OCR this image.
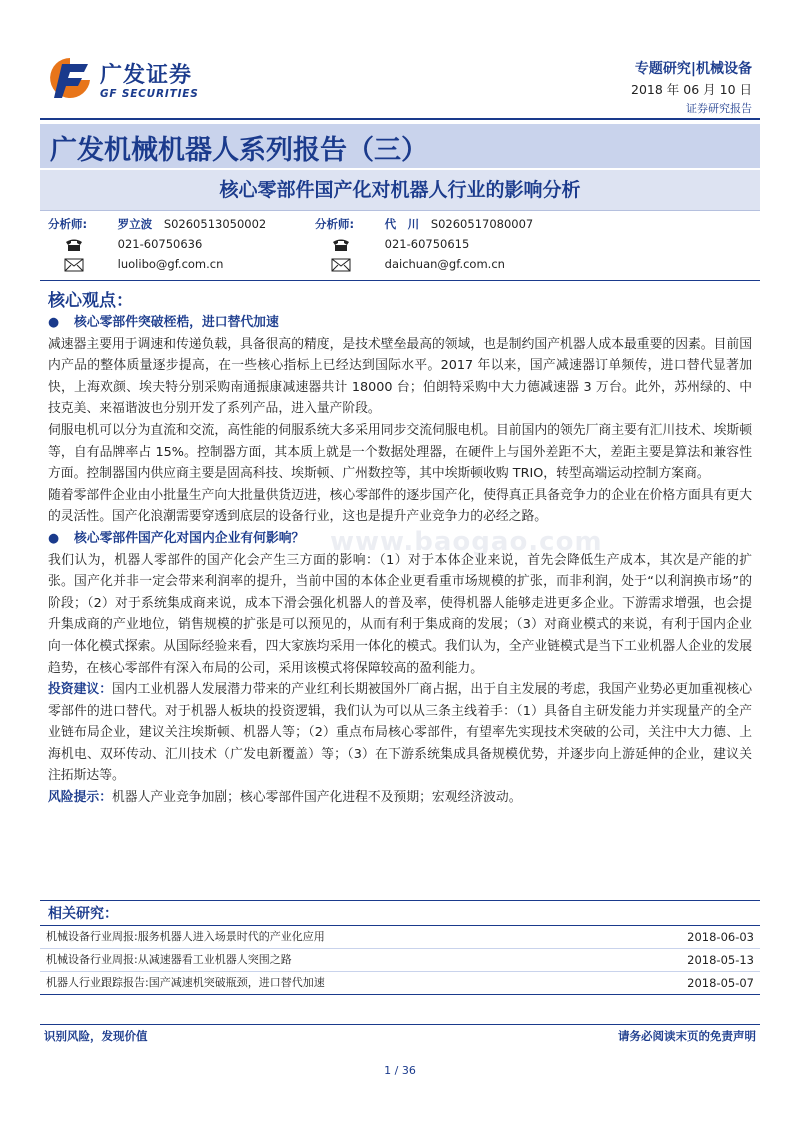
广发证券
GF SECURITIES
专题研究|机械设备
2018 年 06 月 10 日
证券研究报告
广发机械机器人系列报告（三）
核心零部件国产化对机器人行业的影响分析
分析师:	罗立波 S0260513050002
021-60750636
luolibo@gf.com.cn
分析师:	代　川 S0260517080007
021-60750615
daichuan@gf.com.cn
核心观点：
● 核心零部件突破桎梏，进口替代加速
减速器主要用于调速和传递负载，具备很高的精度，是技术壁垒最高的领域，也是制约国产机器人成本最重要的因素。目前国内产品的整体质量逐步提高，在一些核心指标上已经达到国际水平。2017 年以来，国产减速器订单频传，进口替代显著加快，上海欢颜、埃夫特分别采购南通振康减速器共计 18000 台；伯朗特采购中大力德减速器 3 万台。此外，苏州绿的、中技克美、来福谐波也分别开发了系列产品，进入量产阶段。
伺服电机可以分为直流和交流，高性能的伺服系统大多采用同步交流伺服电机。目前国内的领先厂商主要有汇川技术、埃斯顿等，自有品牌率占 15%。控制器方面，其本质上就是一个数据处理器，在硬件上与国外差距不大，差距主要是算法和兼容性方面。控制器国内供应商主要是固高科技、埃斯顿、广州数控等，其中埃斯顿收购 TRIO，转型高端运动控制方案商。
随着零部件企业由小批量生产向大批量供货迈进，核心零部件的逐步国产化，使得真正具备竞争力的企业在价格方面具有更大的灵活性。国产化浪潮需要穿透到底层的设备行业，这也是提升产业竞争力的必经之路。
● 核心零部件国产化对国内企业有何影响？
我们认为，机器人零部件的国产化会产生三方面的影响：（1）对于本体企业来说，首先会降低生产成本，其次是产能的扩张。国产化并非一定会带来利润率的提升，当前中国的本体企业更看重市场规模的扩张，而非利润，处于“以利润换市场”的阶段；（2）对于系统集成商来说，成本下滑会强化机器人的普及率，使得机器人能够走进更多企业。下游需求增强，也会提升集成商的产业地位，销售规模的扩张是可以预见的，从而有利于集成商的发展；（3）对商业模式的来说，有利于国内企业向一体化模式探索。从国际经验来看，四大家族均采用一体化的模式。我们认为，全产业链模式是当下工业机器人企业的发展趋势，在核心零部件有深入布局的公司，采用该模式将保障较高的盈利能力。
投资建议：国内工业机器人发展潜力带来的产业红利长期被国外厂商占据，出于自主发展的考虑，我国产业势必更加重视核心零部件的进口替代。对于机器人板块的投资逻辑，我们认为可以从三条主线着手：（1）具备自主研发能力并实现量产的全产业链布局企业，建议关注埃斯顿、机器人等；（2）重点布局核心零部件，有望率先实现技术突破的公司，关注中大力德、上海机电、双环传动、汇川技术（广发电新覆盖）等；（3）在下游系统集成具备规模优势，并逐步向上游延伸的企业，建议关注拓斯达等。
风险提示：机器人产业竞争加剧；核心零部件国产化进程不及预期；宏观经济波动。
www.baogao.com
相关研究：
机械设备行业周报:服务机器人进入场景时代的产业化应用	2018-06-03
机械设备行业周报:从减速器看工业机器人突围之路	2018-05-13
机器人行业跟踪报告:国产减速机突破瓶颈，进口替代加速	2018-05-07
识别风险，发现价值	请务必阅读末页的免责声明
1 / 36
